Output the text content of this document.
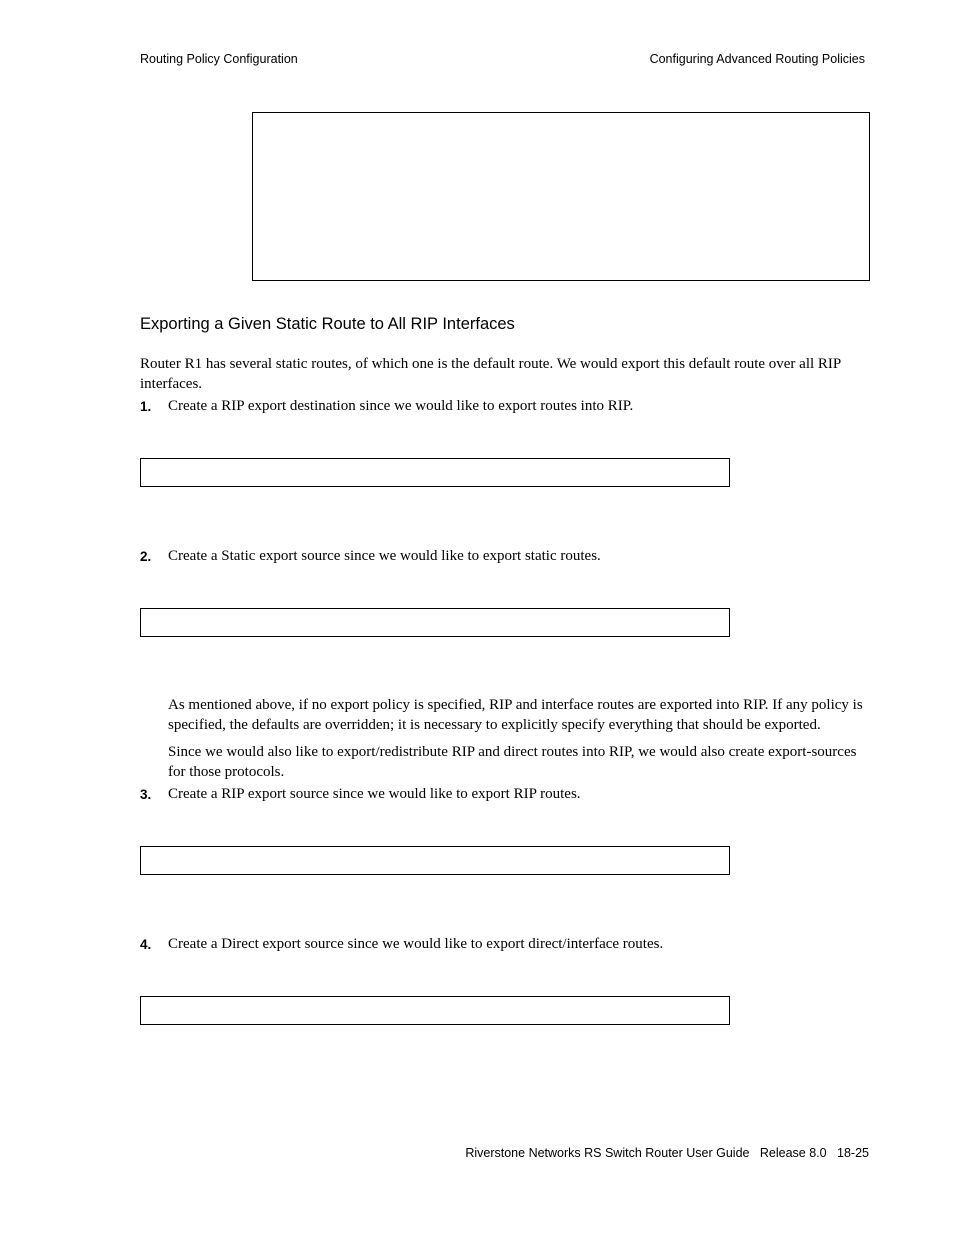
Routing Policy Configuration	Configuring Advanced Routing Policies
Exporting a Given Static Route to All RIP Interfaces
Router R1 has several static routes, of which one is the default route. We would export this default route over all RIP interfaces.
1. Create a RIP export destination since we would like to export routes into RIP.
2. Create a Static export source since we would like to export static routes.
As mentioned above, if no export policy is specified, RIP and interface routes are exported into RIP. If any policy is specified, the defaults are overridden; it is necessary to explicitly specify everything that should be exported.
Since we would also like to export/redistribute RIP and direct routes into RIP, we would also create export-sources for those protocols.
3. Create a RIP export source since we would like to export RIP routes.
4. Create a Direct export source since we would like to export direct/interface routes.
Riverstone Networks RS Switch Router User Guide   Release 8.0   18-25
